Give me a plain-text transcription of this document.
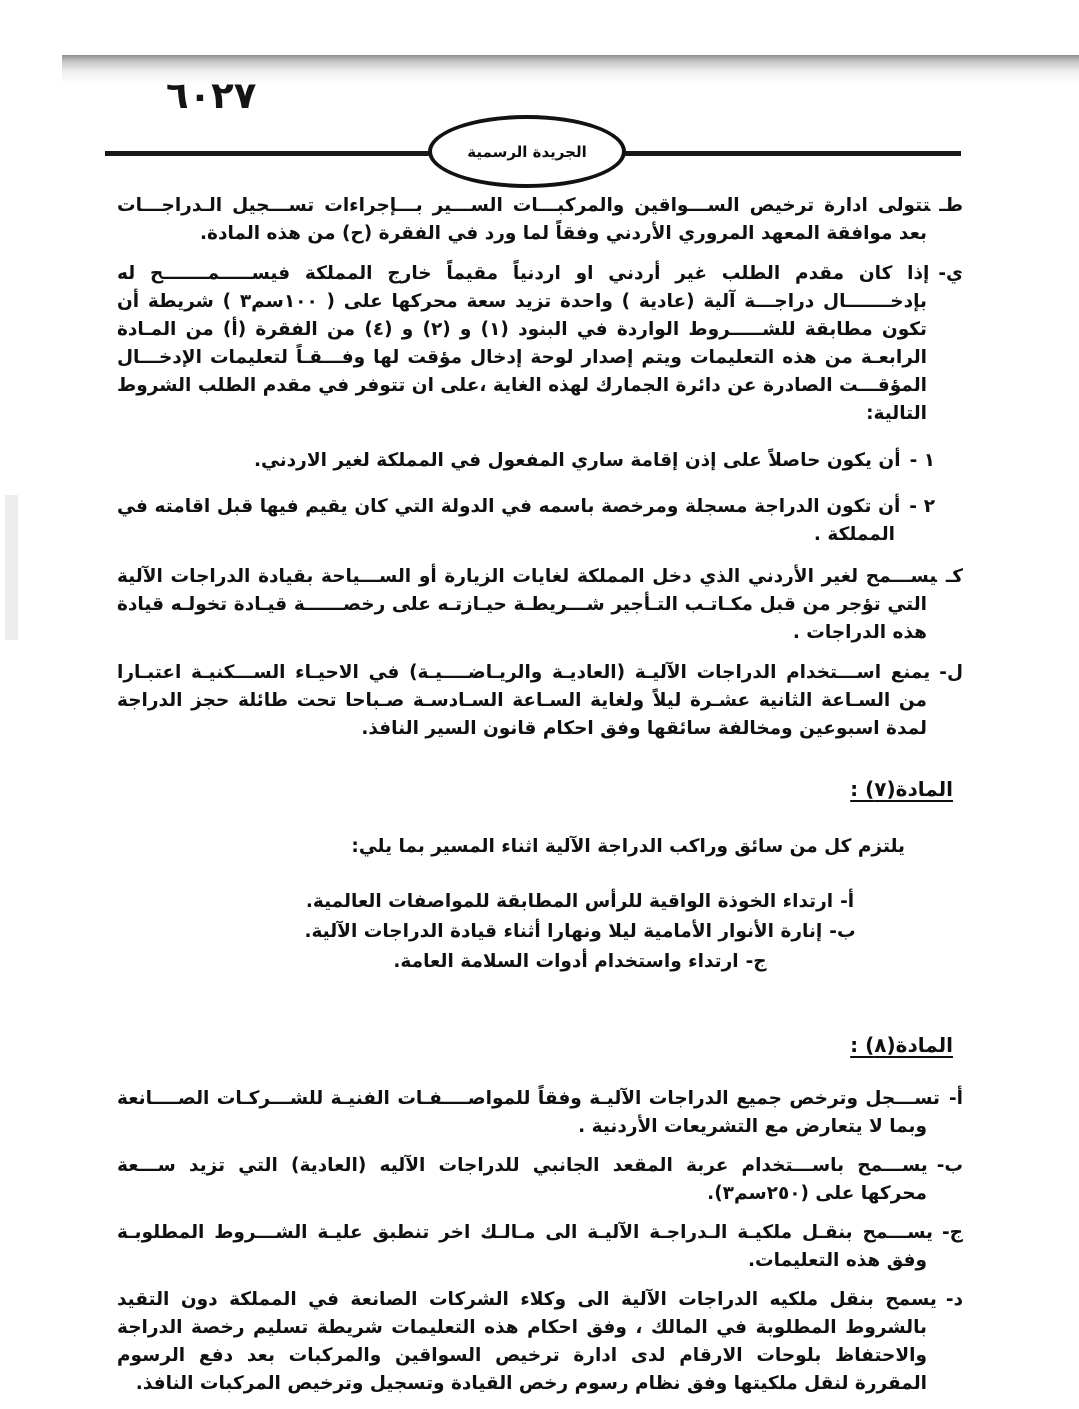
٦٠٢٧
الجريدة الرسمية

طـتتولى ادارة ترخيص الســـواقين والمركبـــات الســـير بـــإجراءات تســـجيل الـدراجـــات بعد موافقة المعهد المروري الأردني وفقاً لما ورد في الفقرة (ح) من هذه المادة.

ي-إذا كان مقدم الطلب غير أردني او اردنياً مقيماً خارج المملكة فيســـــمـــــــح له بإدخـــــــال دراجـــة آلية (عادية ) واحدة تزيد سعة محركها على ( ١٠٠سم٣ ) شريطة أن تكون مطابقة للشـــــروط الواردة في البنود (١) و (٢) و (٤) من الفقرة (أ) من المـادة الرابعـة من هذه التعليمات ويتم إصدار لوحة إدخال مؤقت لها وفـــقـاً لتعليمات الإدخـــال المؤقـــت الصادرة عن دائرة الجمارك لهذه الغاية ،على ان تتوفر في مقدم الطلب الشروط التالية:

١ -أن يكون حاصلاً على إذن إقامة ساري المفعول في المملكة لغير الاردني.

٢ -أن تكون الدراجة مسجلة ومرخصة باسمه في الدولة التي كان يقيم فيها قبل اقامته في المملكة .

كـيســـمح لغير الأردني الذي دخل المملكة لغايات الزيارة أو الســـياحة بقيادة الدراجات الآلية التي تؤجر من قبل مكـاتـب التـأجير شـــريطـة حيـازتـه على رخصــــــة قيـادة تخولـه قيادة هذه الدراجات .

ل-يمنع اســـتخدام الدراجات الآليـة (العاديـة والريـاضــــيـة) في الاحيـاء الســـكنيـة اعتبـارا من السـاعة الثانية عشـرة ليلاً ولغاية السـاعة السـادسـة صـباحا تحت طائلة حجز الدراجة لمدة اسبوعين ومخالفة سائقها وفق احكام قانون السير النافذ.

المادة(٧) :
يلتزم كل من سائق وراكب الدراجة الآلية اثناء المسير بما يلي:
أ-ارتداء الخوذة الواقية للرأس المطابقة للمواصفات العالمية.
ب-إنارة الأنوار الأمامية ليلا ونهارا أثناء قيادة الدراجات الآلية.
ج-ارتداء واستخدام أدوات السلامة العامة.
المادة(٨) :

أ-تســـجل وترخص جميع الدراجات الآليـة وفقاً للمواصــــفـات الفنيـة للشـــركـات الصــــانعة وبما لا يتعارض مع التشريعات الأردنية .

ب-يســـمح باســـتخدام عربة المقعد الجانبي للدراجات الآليه (العادية) التي تزيد ســـعة محركها على (٢٥٠سم٣).

ج-يســـمح بنقـل ملكيـة الـدراجـة الآليـة الى مـالـك اخر تنطبق عليـة الشـــروط المطلوبـة وفق هذه التعليمات.

د-يسمح بنقل ملكيه الدراجات الآلية الى وكلاء الشركات الصانعة في المملكة دون التقيد بالشروط المطلوبة في المالك ، وفق احكام هذه التعليمات شريطة تسليم رخصة الدراجة والاحتفاظ بلوحات الارقام لدى ادارة ترخيص السواقين والمركبات بعد دفع الرسوم المقررة لنقل ملكيتها وفق نظام رسوم رخص القيادة وتسجيل وترخيص المركبات النافذ.
